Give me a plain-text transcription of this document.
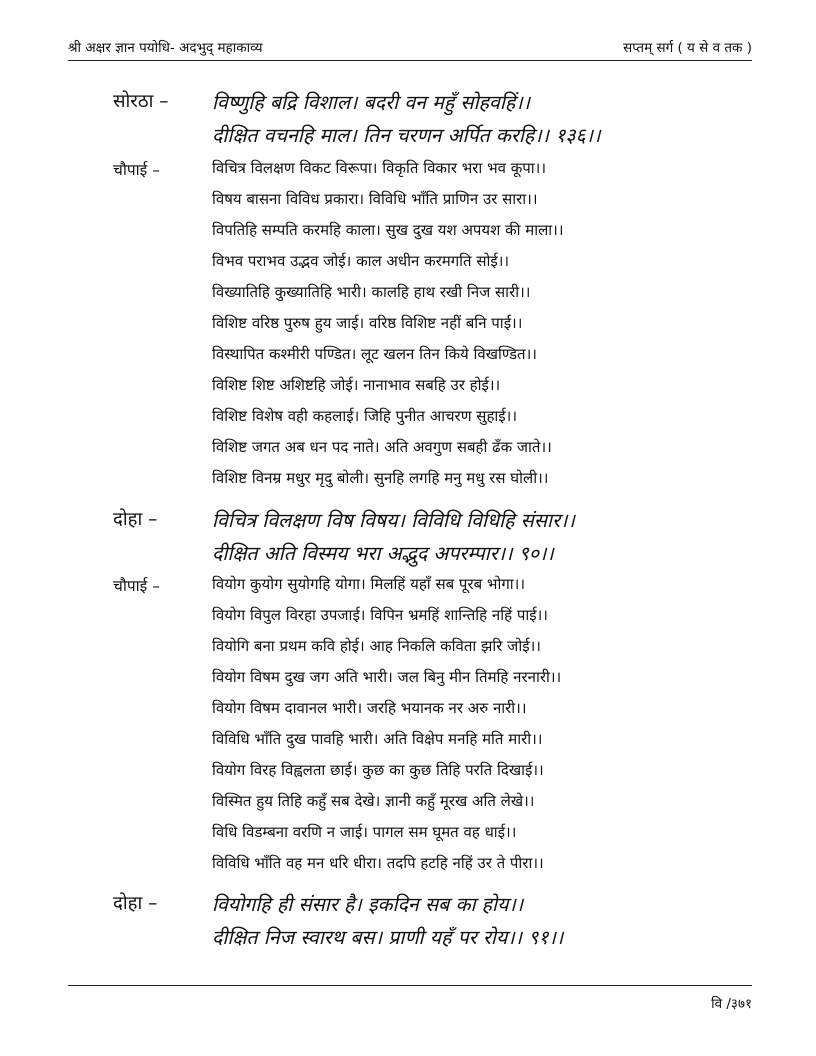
श्री अक्षर ज्ञान पयोधि- अदभुद् महाकाव्य	सप्तम् सर्ग ( य से व तक )
सोरठा – विष्णुहि बद्रि विशाल। बदरी वन महुँ सोहवहिं।।
दीक्षित वचनहि माल। तिन चरणन अर्पित करहि।। १३६।।
चौपाई –	विचित्र विलक्षण विकट विरूपा। विकृति विकार भरा भव कूपा।।
विषय बासना विविध प्रकारा। विविधि भाँति प्राणिन उर सारा।।
विपतिहि सम्पति करमहि काला। सुख दुख यश अपयश की माला।।
विभव पराभव उद्भव जोई। काल अधीन करमगति सोई।।
विख्यातिहि कुख्यातिहि भारी। कालहि हाथ रखी निज सारी।।
विशिष्ट वरिष्ठ पुरुष हुय जाई। वरिष्ठ विशिष्ट नहीं बनि पाई।।
विस्थापित कश्मीरी पण्डित। लूट खलन तिन किये विखण्डित।।
विशिष्ट शिष्ट अशिष्टहि जोई। नानाभाव सबहि उर होई।।
विशिष्ट विशेष वही कहलाई। जिहि पुनीत आचरण सुहाई।।
विशिष्ट जगत अब धन पद नाते। अति अवगुण सबही ढँक जाते।।
विशिष्ट विनम्र मधुर मृदु बोली। सुनहि लगहि मनु मधु रस घोली।।
दोहा –	विचित्र विलक्षण विष विषय। विविधि विधिहि संसार।।
दीक्षित अति विस्मय भरा अद्भुद अपरम्पार।। ९०।।
चौपाई –	वियोग कुयोग सुयोगहि योगा। मिलहिं यहाँ सब पूरब भोगा।।
वियोग विपुल विरहा उपजाई। विपिन भ्रमहिं शान्तिहि नहिं पाई।।
वियोगि बना प्रथम कवि होई। आह निकलि कविता झरि जोई।।
वियोग विषम दुख जग अति भारी। जल बिनु मीन तिमहि नरनारी।।
वियोग विषम दावानल भारी। जरहि भयानक नर अरु नारी।।
विविधि भाँति दुख पावहि भारी। अति विक्षेप मनहि मति मारी।।
वियोग विरह विह्वलता छाई। कुछ का कुछ तिहि परति दिखाई।।
विस्मित हुय तिहि कहुँ सब देखे। ज्ञानी कहुँ मूरख अति लेखे।।
विधि विडम्बना वरणि न जाई। पागल सम घूमत वह धाई।।
विविधि भाँति वह मन धरि धीरा। तदपि हटहि नहिं उर ते पीरा।।
दोहा –	वियोगहि ही संसार है। इकदिन सब का होय।।
दीक्षित निज स्वारथ बस। प्राणी यहँ पर रोय।। ९१।।
वि /३७१
